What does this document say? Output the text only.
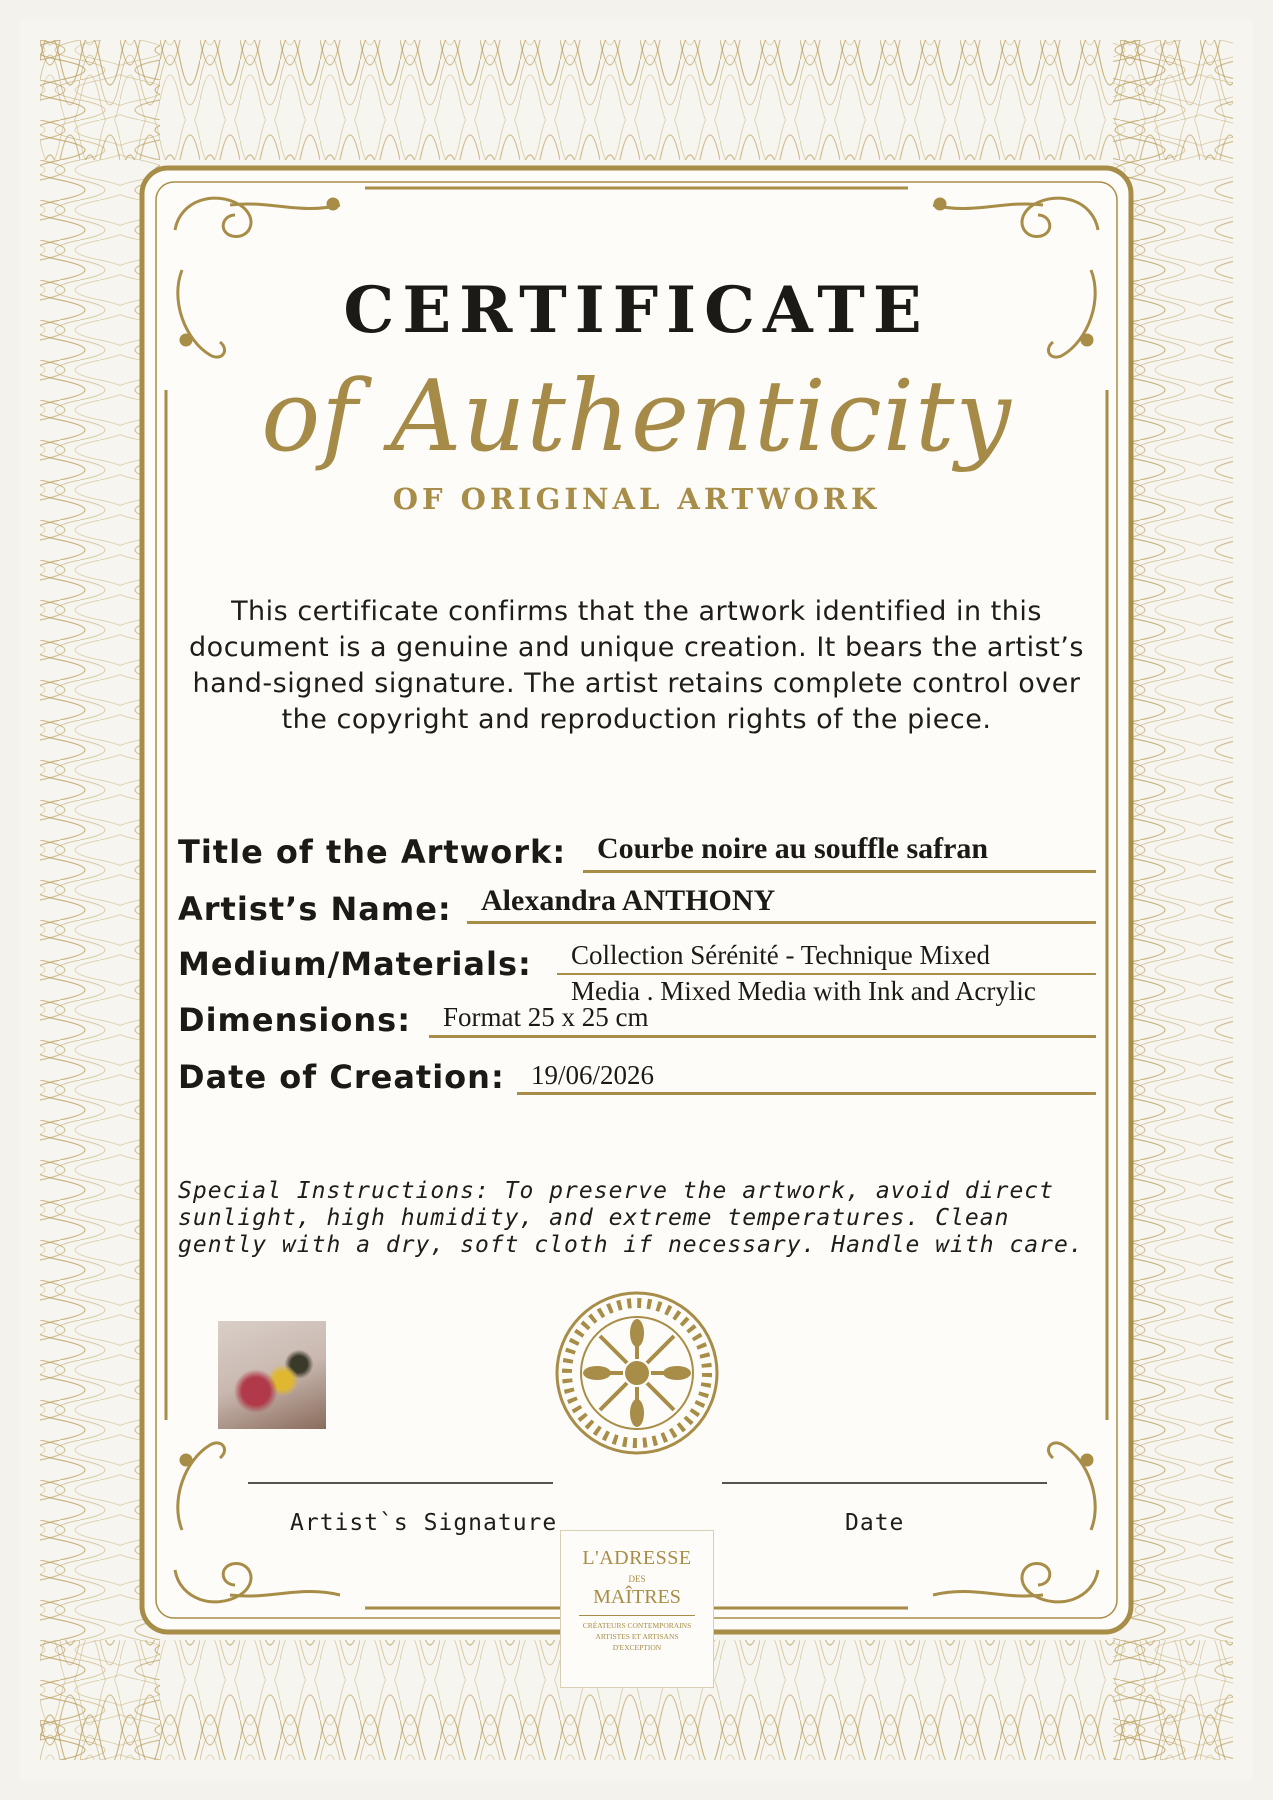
CERTIFICATE
of Authenticity
OF ORIGINAL ARTWORK
This certificate confirms that the artwork identified in this document is a genuine and unique creation. It bears the artist’s hand-signed signature. The artist retains complete control over the copyright and reproduction rights of the piece.
Title of the Artwork: Courbe noire au souffle safran
Artist’s Name: Alexandra ANTHONY
Medium/Materials: Collection Sérénité - Technique Mixed
Media . Mixed Media with Ink and Acrylic
Dimensions: Format 25 x 25 cm
Date of Creation: 19/06/2026
Special Instructions: To preserve the artwork, avoid direct sunlight, high humidity, and extreme temperatures. Clean gently with a dry, soft cloth if necessary. Handle with care.
Artist`s Signature	Date
L'ADRESSE
DES
MAÎTRES
CRÉATEURS CONTEMPORAINS
ARTISTES ET ARTISANS
D'EXCEPTION
